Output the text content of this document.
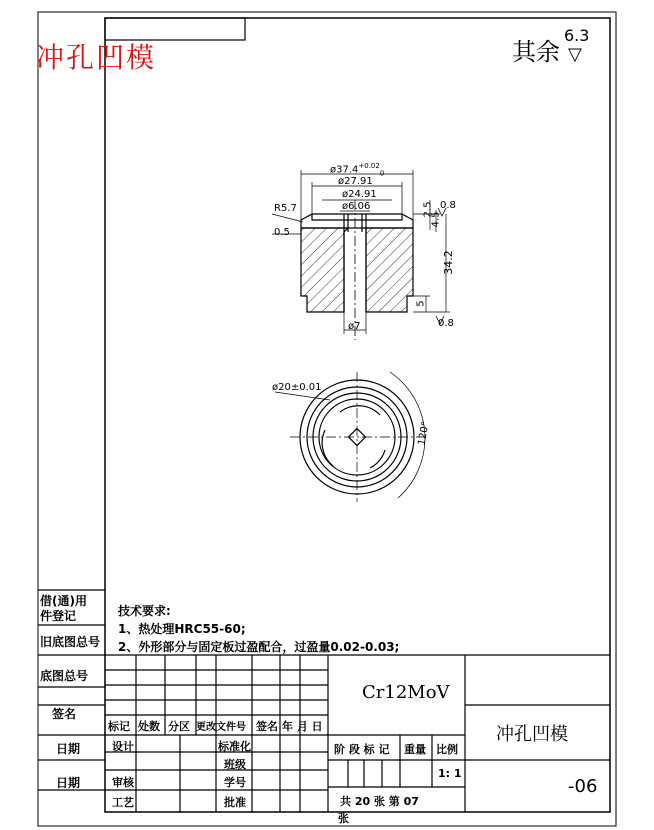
冲孔凹模	其余
6.3
▽
$ø37.4^{+0.02}_0$
ø27.91
ø24.91
ø6.06
R5.7
0.5
2.5
4.5
0.8
34.2
5
0.8
ø7
ø20±0.01
120°
技术要求:
1、热处理HRC55-60;
2、外形部分与固定板过盈配合，过盈量0.02-0.03;
借(通)用
件登记
旧底图总号
底图总号
签名
日期
日期
标记 处数 分区 更改文件号 签名 年 月 日
设计	标准化
班级
审核	学号
工艺	批准
Cr12MoV
阶 段 标 记 重量 比例
1: 1
共 20 张 第 07
张
冲孔凹模
-06
